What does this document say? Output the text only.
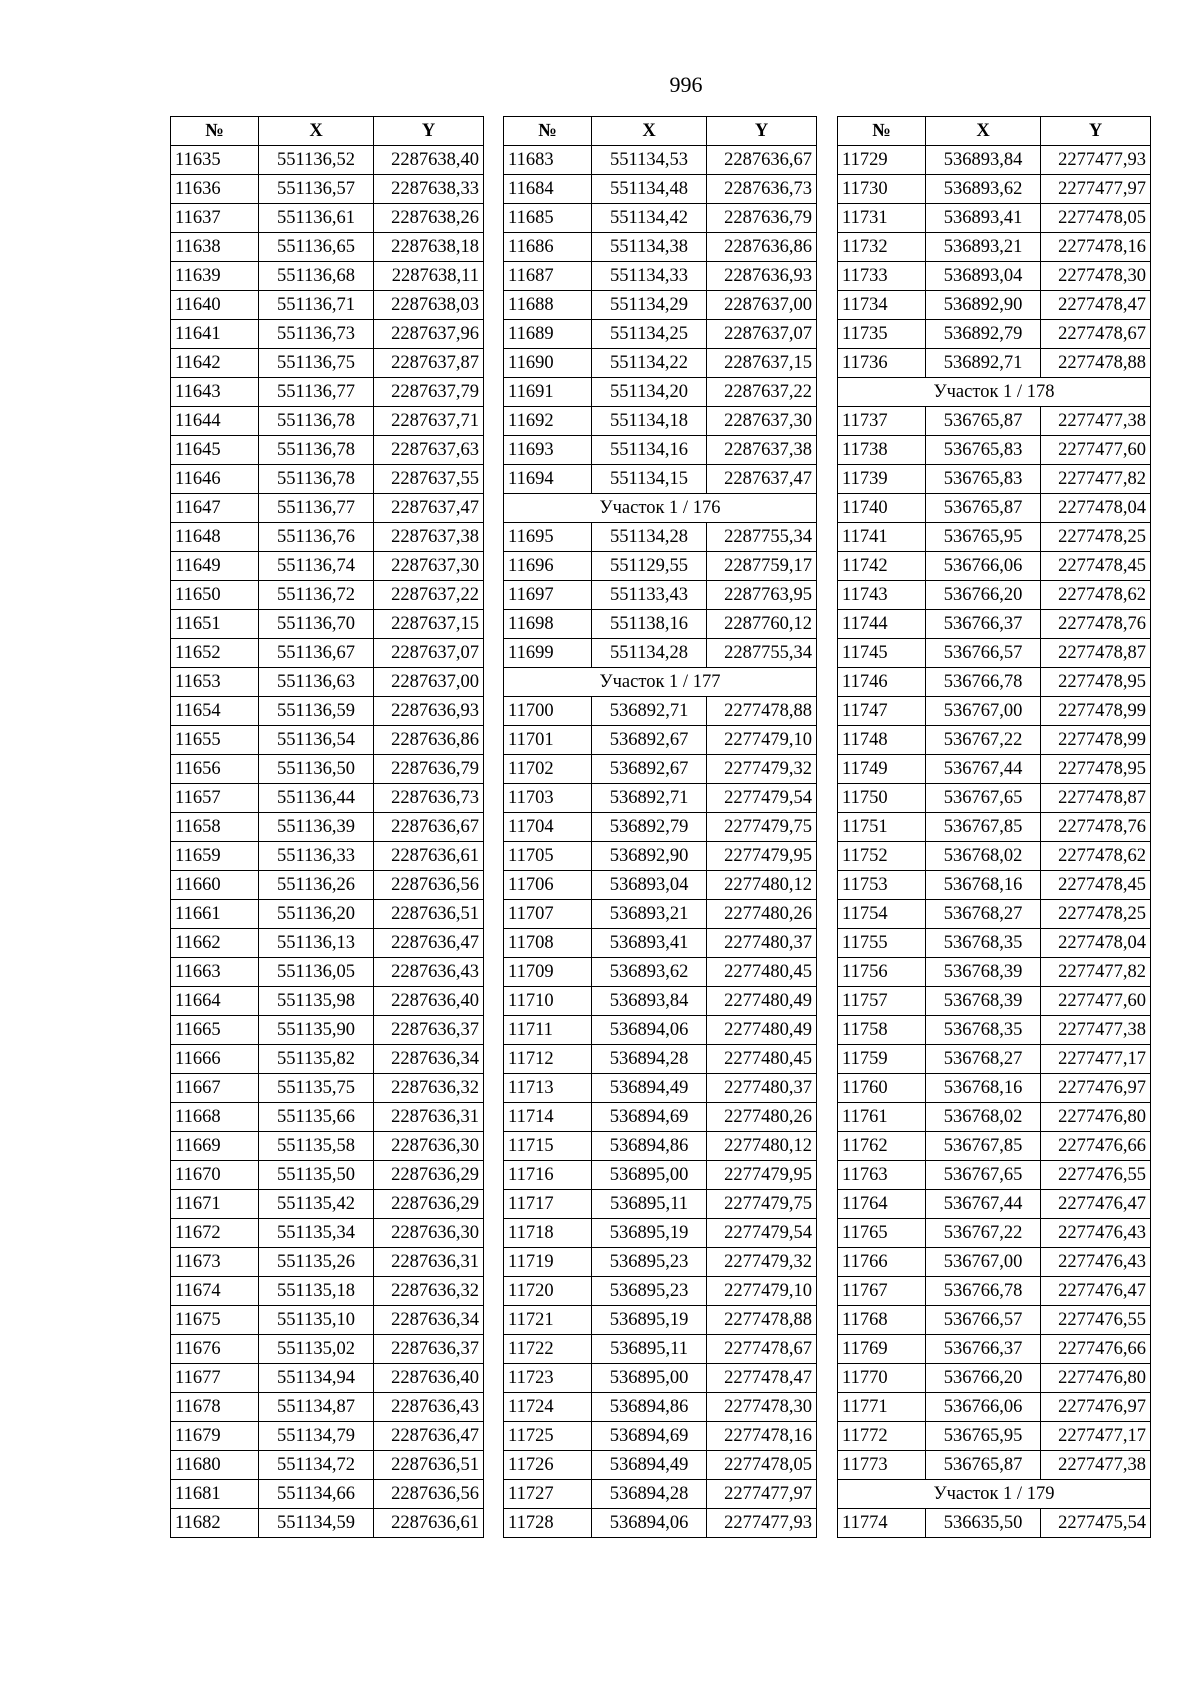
996
№	X	Y
11635	551136,52	2287638,40
11636	551136,57	2287638,33
11637	551136,61	2287638,26
11638	551136,65	2287638,18
11639	551136,68	2287638,11
11640	551136,71	2287638,03
11641	551136,73	2287637,96
11642	551136,75	2287637,87
11643	551136,77	2287637,79
11644	551136,78	2287637,71
11645	551136,78	2287637,63
11646	551136,78	2287637,55
11647	551136,77	2287637,47
11648	551136,76	2287637,38
11649	551136,74	2287637,30
11650	551136,72	2287637,22
11651	551136,70	2287637,15
11652	551136,67	2287637,07
11653	551136,63	2287637,00
11654	551136,59	2287636,93
11655	551136,54	2287636,86
11656	551136,50	2287636,79
11657	551136,44	2287636,73
11658	551136,39	2287636,67
11659	551136,33	2287636,61
11660	551136,26	2287636,56
11661	551136,20	2287636,51
11662	551136,13	2287636,47
11663	551136,05	2287636,43
11664	551135,98	2287636,40
11665	551135,90	2287636,37
11666	551135,82	2287636,34
11667	551135,75	2287636,32
11668	551135,66	2287636,31
11669	551135,58	2287636,30
11670	551135,50	2287636,29
11671	551135,42	2287636,29
11672	551135,34	2287636,30
11673	551135,26	2287636,31
11674	551135,18	2287636,32
11675	551135,10	2287636,34
11676	551135,02	2287636,37
11677	551134,94	2287636,40
11678	551134,87	2287636,43
11679	551134,79	2287636,47
11680	551134,72	2287636,51
11681	551134,66	2287636,56
11682	551134,59	2287636,61
№	X	Y
11683	551134,53	2287636,67
11684	551134,48	2287636,73
11685	551134,42	2287636,79
11686	551134,38	2287636,86
11687	551134,33	2287636,93
11688	551134,29	2287637,00
11689	551134,25	2287637,07
11690	551134,22	2287637,15
11691	551134,20	2287637,22
11692	551134,18	2287637,30
11693	551134,16	2287637,38
11694	551134,15	2287637,47
Участок 1 / 176		
11695	551134,28	2287755,34
11696	551129,55	2287759,17
11697	551133,43	2287763,95
11698	551138,16	2287760,12
11699	551134,28	2287755,34
Участок 1 / 177		
11700	536892,71	2277478,88
11701	536892,67	2277479,10
11702	536892,67	2277479,32
11703	536892,71	2277479,54
11704	536892,79	2277479,75
11705	536892,90	2277479,95
11706	536893,04	2277480,12
11707	536893,21	2277480,26
11708	536893,41	2277480,37
11709	536893,62	2277480,45
11710	536893,84	2277480,49
11711	536894,06	2277480,49
11712	536894,28	2277480,45
11713	536894,49	2277480,37
11714	536894,69	2277480,26
11715	536894,86	2277480,12
11716	536895,00	2277479,95
11717	536895,11	2277479,75
11718	536895,19	2277479,54
11719	536895,23	2277479,32
11720	536895,23	2277479,10
11721	536895,19	2277478,88
11722	536895,11	2277478,67
11723	536895,00	2277478,47
11724	536894,86	2277478,30
11725	536894,69	2277478,16
11726	536894,49	2277478,05
11727	536894,28	2277477,97
11728	536894,06	2277477,93
№	X	Y
11729	536893,84	2277477,93
11730	536893,62	2277477,97
11731	536893,41	2277478,05
11732	536893,21	2277478,16
11733	536893,04	2277478,30
11734	536892,90	2277478,47
11735	536892,79	2277478,67
11736	536892,71	2277478,88
Участок 1 / 178		
11737	536765,87	2277477,38
11738	536765,83	2277477,60
11739	536765,83	2277477,82
11740	536765,87	2277478,04
11741	536765,95	2277478,25
11742	536766,06	2277478,45
11743	536766,20	2277478,62
11744	536766,37	2277478,76
11745	536766,57	2277478,87
11746	536766,78	2277478,95
11747	536767,00	2277478,99
11748	536767,22	2277478,99
11749	536767,44	2277478,95
11750	536767,65	2277478,87
11751	536767,85	2277478,76
11752	536768,02	2277478,62
11753	536768,16	2277478,45
11754	536768,27	2277478,25
11755	536768,35	2277478,04
11756	536768,39	2277477,82
11757	536768,39	2277477,60
11758	536768,35	2277477,38
11759	536768,27	2277477,17
11760	536768,16	2277476,97
11761	536768,02	2277476,80
11762	536767,85	2277476,66
11763	536767,65	2277476,55
11764	536767,44	2277476,47
11765	536767,22	2277476,43
11766	536767,00	2277476,43
11767	536766,78	2277476,47
11768	536766,57	2277476,55
11769	536766,37	2277476,66
11770	536766,20	2277476,80
11771	536766,06	2277476,97
11772	536765,95	2277477,17
11773	536765,87	2277477,38
Участок 1 / 179		
11774	536635,50	2277475,54
